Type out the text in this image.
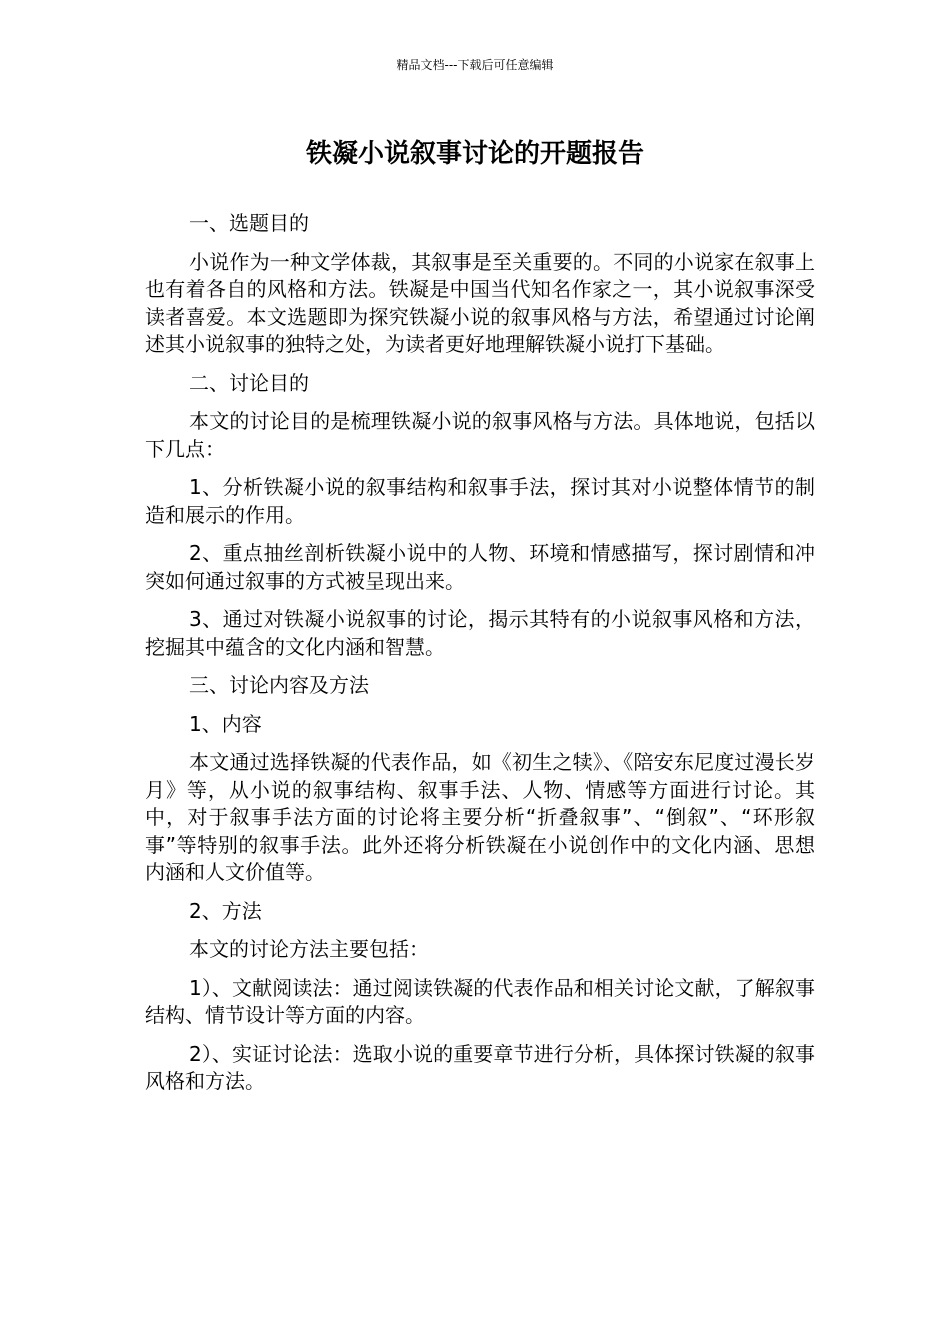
精品文档---下载后可任意编辑
铁凝小说叙事讨论的开题报告

一、选题目的

小说作为一种文学体裁，其叙事是至关重要的。不同的小说家在叙事上也有着各自的风格和方法。铁凝是中国当代知名作家之一，其小说叙事深受读者喜爱。本文选题即为探究铁凝小说的叙事风格与方法，希望通过讨论阐述其小说叙事的独特之处，为读者更好地理解铁凝小说打下基础。

二、讨论目的

本文的讨论目的是梳理铁凝小说的叙事风格与方法。具体地说，包括以下几点：

1、分析铁凝小说的叙事结构和叙事手法，探讨其对小说整体情节的制造和展示的作用。

2、重点抽丝剖析铁凝小说中的人物、环境和情感描写，探讨剧情和冲突如何通过叙事的方式被呈现出来。

3、通过对铁凝小说叙事的讨论，揭示其特有的小说叙事风格和方法，挖掘其中蕴含的文化内涵和智慧。

三、讨论内容及方法

1、内容

本文通过选择铁凝的代表作品，如《初生之犊》、《陪安东尼度过漫长岁月》等，从小说的叙事结构、叙事手法、人物、情感等方面进行讨论。其中，对于叙事手法方面的讨论将主要分析“折叠叙事”、“倒叙”、“环形叙事”等特别的叙事手法。此外还将分析铁凝在小说创作中的文化内涵、思想内涵和人文价值等。

2、方法

本文的讨论方法主要包括：

1）、文献阅读法：通过阅读铁凝的代表作品和相关讨论文献，了解叙事结构、情节设计等方面的内容。

2）、实证讨论法：选取小说的重要章节进行分析，具体探讨铁凝的叙事风格和方法。
